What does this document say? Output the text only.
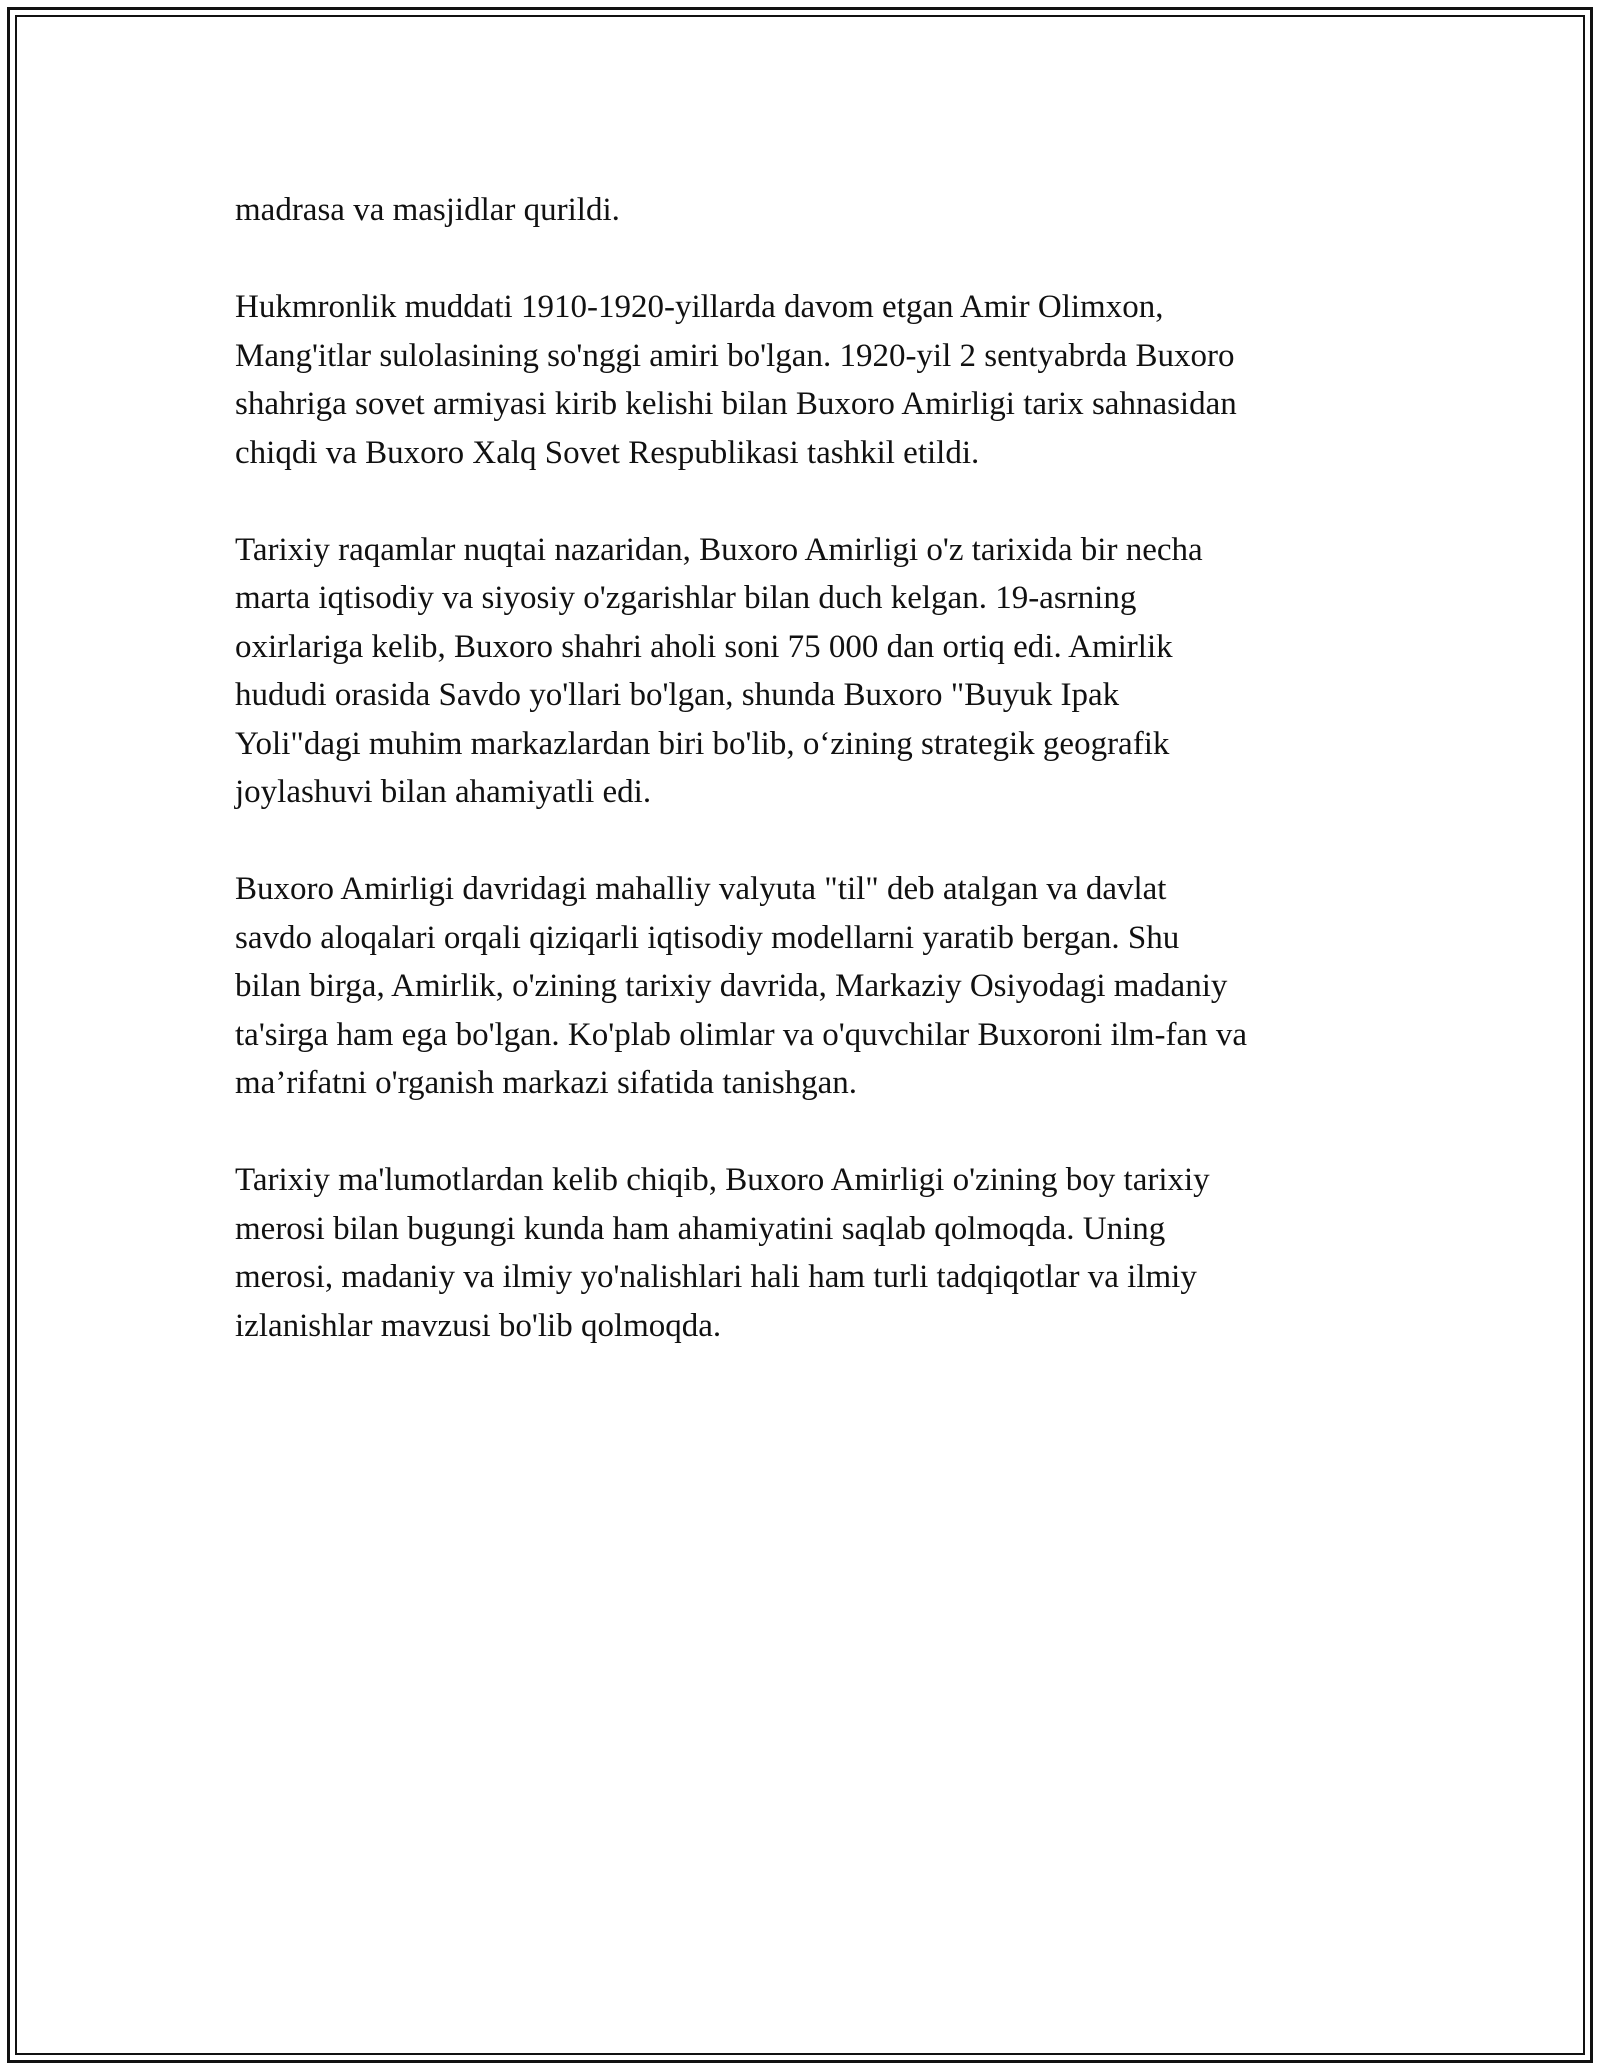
madrasa va masjidlar qurildi.

Hukmronlik muddati 1910-1920-yillarda davom etgan Amir Olimxon,
Mang'itlar sulolasining so'nggi amiri bo'lgan. 1920-yil 2 sentyabrda Buxoro
shahriga sovet armiyasi kirib kelishi bilan Buxoro Amirligi tarix sahnasidan
chiqdi va Buxoro Xalq Sovet Respublikasi tashkil etildi.

Tarixiy raqamlar nuqtai nazaridan, Buxoro Amirligi o'z tarixida bir necha
marta iqtisodiy va siyosiy o'zgarishlar bilan duch kelgan. 19-asrning
oxirlariga kelib, Buxoro shahri aholi soni 75 000 dan ortiq edi. Amirlik
hududi orasida Savdo yo'llari bo'lgan, shunda Buxoro "Buyuk Ipak
Yoli"dagi muhim markazlardan biri bo'lib, o‘zining strategik geografik
joylashuvi bilan ahamiyatli edi.

Buxoro Amirligi davridagi mahalliy valyuta "til" deb atalgan va davlat
savdo aloqalari orqali qiziqarli iqtisodiy modellarni yaratib bergan. Shu
bilan birga, Amirlik, o'zining tarixiy davrida, Markaziy Osiyodagi madaniy
ta'sirga ham ega bo'lgan. Ko'plab olimlar va o'quvchilar Buxoroni ilm-fan va
ma’rifatni o'rganish markazi sifatida tanishgan.

Tarixiy ma'lumotlardan kelib chiqib, Buxoro Amirligi o'zining boy tarixiy
merosi bilan bugungi kunda ham ahamiyatini saqlab qolmoqda. Uning
merosi, madaniy va ilmiy yo'nalishlari hali ham turli tadqiqotlar va ilmiy
izlanishlar mavzusi bo'lib qolmoqda.
